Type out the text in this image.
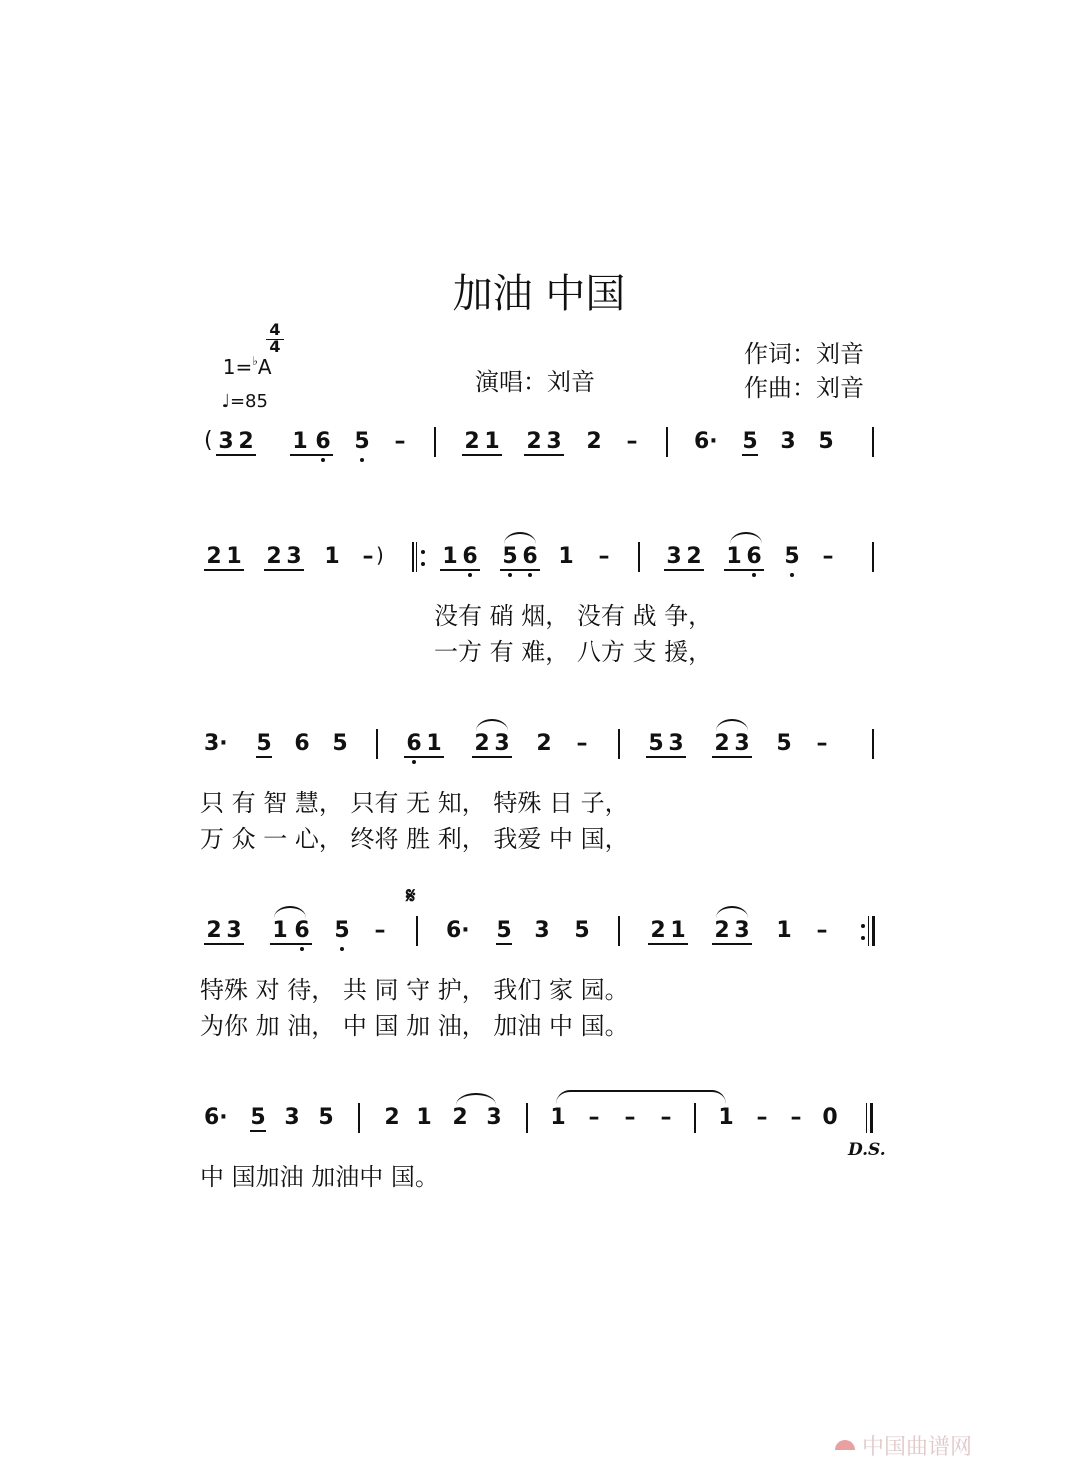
加油 中国

1=♭A

4
4

♩=85

演唱：刘音
作词：刘音
作曲：刘音
( 3 2 1 6 5 –	2 1 2 3 2 –	6· 5 3 5
2 1 2 3 1 – )	1 6 5 6 1 –	3 2 1 6 5 –
没有 硝 烟， 没有 战 争，
一方 有 难， 八方 支 援，
3· 5 6 5	6 1 2 3 2 –	5 3 2 3 5 –
只 有 智 慧， 只有 无 知， 特殊 日 子，
万 众 一 心， 终将 胜 利， 我爱 中 国，
𝄋
2 3 1 6 5 –	6· 5 3 5	2 1 2 3 1 –
特殊 对 待， 共 同 守 护， 我们 家 园。
为你 加 油， 中 国 加 油， 加油 中 国。
6· 5 3 5 2 1 2 3 1 – – – 1 – – 0
D.S.
中 国加油 加油中 国。
中国曲谱网
